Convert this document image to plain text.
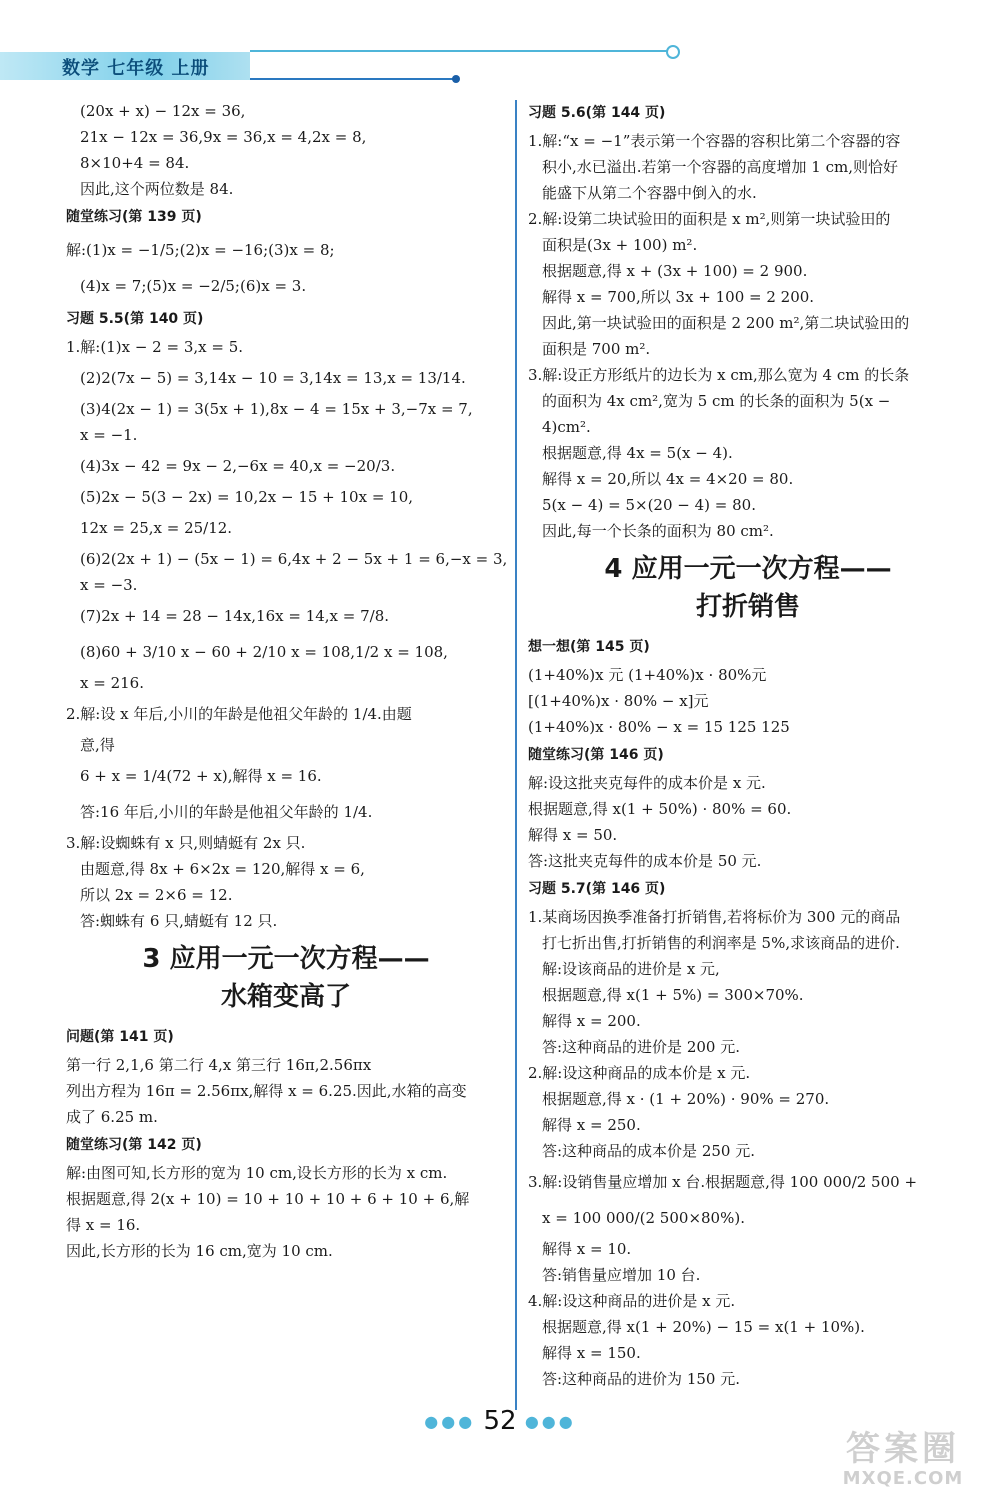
数学 七年级 上册

(20x + x) − 12x = 36,

21x − 12x = 36,9x = 36,x = 4,2x = 8,

8×10+4 = 84.

因此,这个两位数是 84.

随堂练习(第 139 页)

解:(1)x = −1/5;(2)x = −16;(3)x = 8;

(4)x = 7;(5)x = −2/5;(6)x = 3.

习题 5.5(第 140 页)

1.解:(1)x − 2 = 3,x = 5.

(2)2(7x − 5) = 3,14x − 10 = 3,14x = 13,x = 13/14.

(3)4(2x − 1) = 3(5x + 1),8x − 4 = 15x + 3,−7x = 7,

x = −1.

(4)3x − 42 = 9x − 2,−6x = 40,x = −20/3.

(5)2x − 5(3 − 2x) = 10,2x − 15 + 10x = 10,

12x = 25,x = 25/12.

(6)2(2x + 1) − (5x − 1) = 6,4x + 2 − 5x + 1 = 6,−x = 3,

x = −3.

(7)2x + 14 = 28 − 14x,16x = 14,x = 7/8.

(8)60 + 3/10 x − 60 + 2/10 x = 108,1/2 x = 108,

x = 216.

2.解:设 x 年后,小川的年龄是他祖父年龄的 1/4.由题

意,得

6 + x = 1/4(72 + x),解得 x = 16.

答:16 年后,小川的年龄是他祖父年龄的 1/4.

3.解:设蜘蛛有 x 只,则蜻蜓有 2x 只.

由题意,得 8x + 6×2x = 120,解得 x = 6,

所以 2x = 2×6 = 12.

答:蜘蛛有 6 只,蜻蜓有 12 只.

3 应用一元一次方程——
水箱变高了

问题(第 141 页)

第一行 2,1,6 第二行 4,x 第三行 16π,2.56πx

列出方程为 16π = 2.56πx,解得 x = 6.25.因此,水箱的高变

成了 6.25 m.

随堂练习(第 142 页)

解:由图可知,长方形的宽为 10 cm,设长方形的长为 x cm.

根据题意,得 2(x + 10) = 10 + 10 + 10 + 6 + 10 + 6,解

得 x = 16.

因此,长方形的长为 16 cm,宽为 10 cm.

习题 5.6(第 144 页)

1.解:“x = −1”表示第一个容器的容积比第二个容器的容

积小,水已溢出.若第一个容器的高度增加 1 cm,则恰好

能盛下从第二个容器中倒入的水.

2.解:设第二块试验田的面积是 x m²,则第一块试验田的

面积是(3x + 100) m².

根据题意,得 x + (3x + 100) = 2 900.

解得 x = 700,所以 3x + 100 = 2 200.

因此,第一块试验田的面积是 2 200 m²,第二块试验田的

面积是 700 m².

3.解:设正方形纸片的边长为 x cm,那么宽为 4 cm 的长条

的面积为 4x cm²,宽为 5 cm 的长条的面积为 5(x −

4)cm².

根据题意,得 4x = 5(x − 4).

解得 x = 20,所以 4x = 4×20 = 80.

5(x − 4) = 5×(20 − 4) = 80.

因此,每一个长条的面积为 80 cm².

4 应用一元一次方程——
打折销售

想一想(第 145 页)

(1+40%)x 元 (1+40%)x · 80%元

[(1+40%)x · 80% − x]元

(1+40%)x · 80% − x = 15 125 125

随堂练习(第 146 页)

解:设这批夹克每件的成本价是 x 元.

根据题意,得 x(1 + 50%) · 80% = 60.

解得 x = 50.

答:这批夹克每件的成本价是 50 元.

习题 5.7(第 146 页)

1.某商场因换季准备打折销售,若将标价为 300 元的商品

打七折出售,打折销售的利润率是 5%,求该商品的进价.

解:设该商品的进价是 x 元,

根据题意,得 x(1 + 5%) = 300×70%.

解得 x = 200.

答:这种商品的进价是 200 元.

2.解:设这种商品的成本价是 x 元.

根据题意,得 x · (1 + 20%) · 90% = 270.

解得 x = 250.

答:这种商品的成本价是 250 元.

3.解:设销售量应增加 x 台.根据题意,得 100 000/2 500 +

x = 100 000/(2 500×80%).

解得 x = 10.

答:销售量应增加 10 台.

4.解:设这种商品的进价是 x 元.

根据题意,得 x(1 + 20%) − 15 = x(1 + 10%).

解得 x = 150.

答:这种商品的进价为 150 元.

●●● 52 ●●●
答案圈
MXQE.COM
